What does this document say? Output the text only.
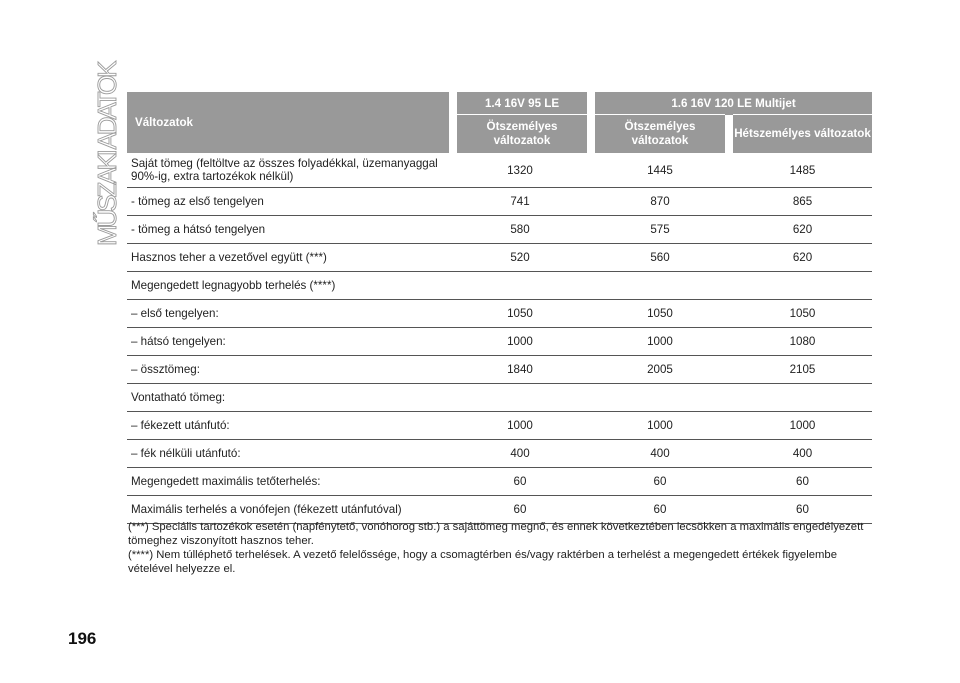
MŰSZAKI ADATOK
Változatok	1.4 16V 95 LE		1.6 16V 120 LE Multijet		
	Ötszemélyes változatok		Ötszemélyes változatok		Hétszemélyes változatok
Saját tömeg (feltöltve az összes folyadékkal, üzemanyaggal 90%-ig, extra tartozékok nélkül)	1320		1445		1485
- tömeg az első tengelyen	741		870		865
- tömeg a hátsó tengelyen	580		575		620
Hasznos teher a vezetővel együtt (***)	520		560		620
Megengedett legnagyobb terhelés (****)					
– első tengelyen:	1050		1050		1050
– hátsó tengelyen:	1000		1000		1080
– össztömeg:	1840		2005		2105
Vontatható tömeg:					
– fékezett utánfutó:	1000		1000		1000
– fék nélküli utánfutó:	400		400		400
Megengedett maximális tetőterhelés:	60		60		60
Maximális terhelés a vonófejen (fékezett utánfutóval)	60		60		60

(***) Speciális tartozékok esetén (napfénytető, vonóhorog stb.) a sajáttömeg megnő, és ennek következtében lecsökken a maximális engedélyezett tömeghez viszonyított hasznos teher.

(****) Nem túlléphető terhelések. A vezető felelőssége, hogy a csomagtérben és/vagy raktérben a terhelést a megengedett értékek figyelembe vételével helyezze el.

196
